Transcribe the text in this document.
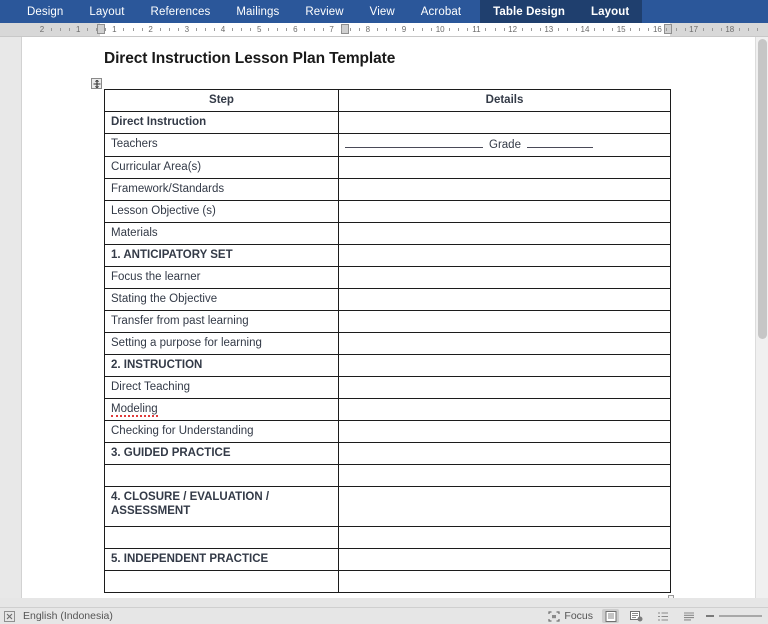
Design	Layout	References	Mailings	Review	View	Acrobat	Table Design	Layout
2	1	1	2	3	4	5	6	7	8	9	10	11	12	13	14	15	16	17	18
Direct Instruction Lesson Plan Template
Step	Details
Direct Instruction	
Teachers	Grade
Curricular Area(s)	
Framework/Standards	
Lesson Objective (s)	
Materials	
1. ANTICIPATORY SET	
Focus the learner	
Stating the Objective	
Transfer from past learning	
Setting a purpose for learning	
2. INSTRUCTION	
Direct Teaching	
Modeling	
Checking for Understanding	
3. GUIDED PRACTICE	

4. CLOSURE / EVALUATION / ASSESSMENT	

5. INDEPENDENT PRACTICE	

English (Indonesia)	Focus
